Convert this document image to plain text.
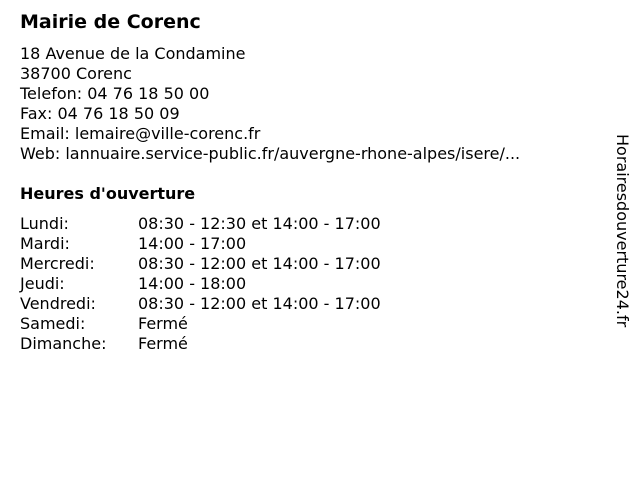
Mairie de Corenc
18 Avenue de la Condamine
38700 Corenc
Telefon: 04 76 18 50 00
Fax: 04 76 18 50 09
Email: lemaire@ville-corenc.fr
Web: lannuaire.service-public.fr/auvergne-rhone-alpes/isere/...
Heures d'ouverture
Lundi:	08:30 - 12:30 et 14:00 - 17:00
Mardi:	14:00 - 17:00
Mercredi:	08:30 - 12:00 et 14:00 - 17:00
Jeudi:	14:00 - 18:00
Vendredi:	08:30 - 12:00 et 14:00 - 17:00
Samedi:	Fermé
Dimanche:	Fermé
Horairesdouverture24.fr
